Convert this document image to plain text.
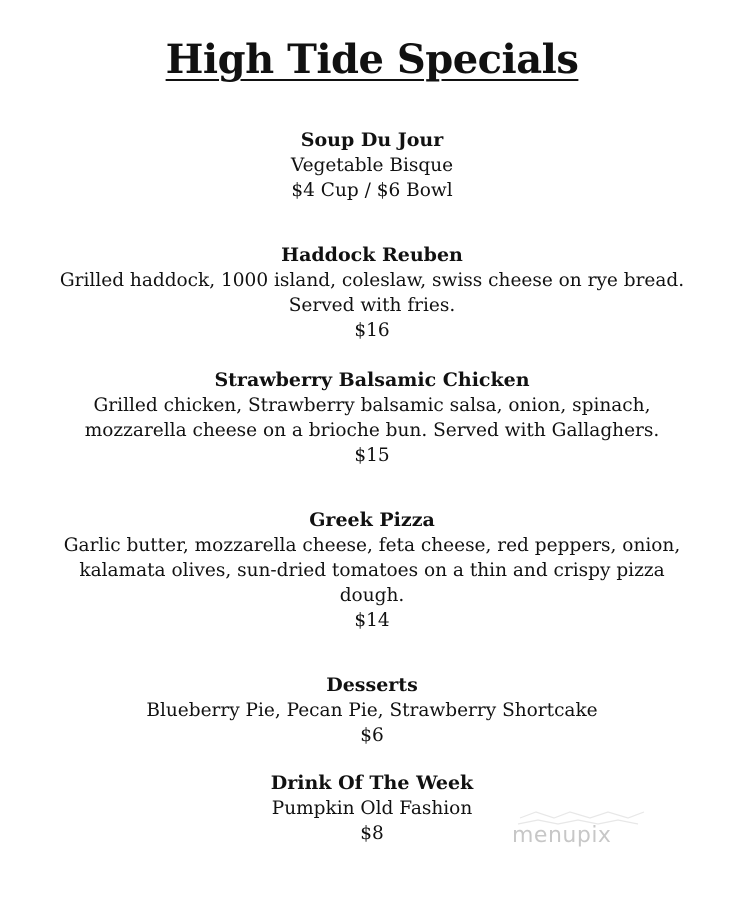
High Tide Specials
Soup Du Jour
Vegetable Bisque
$4 Cup / $6 Bowl
Haddock Reuben
Grilled haddock, 1000 island, coleslaw, swiss cheese on rye bread.
Served with fries.
$16
Strawberry Balsamic Chicken
Grilled chicken, Strawberry balsamic salsa, onion, spinach,
mozzarella cheese on a brioche bun. Served with Gallaghers.
$15
Greek Pizza
Garlic butter, mozzarella cheese, feta cheese, red peppers, onion,
kalamata olives, sun-dried tomatoes on a thin and crispy pizza
dough.
$14
Desserts
Blueberry Pie, Pecan Pie, Strawberry Shortcake
$6
Drink Of The Week
Pumpkin Old Fashion
$8	menupix
